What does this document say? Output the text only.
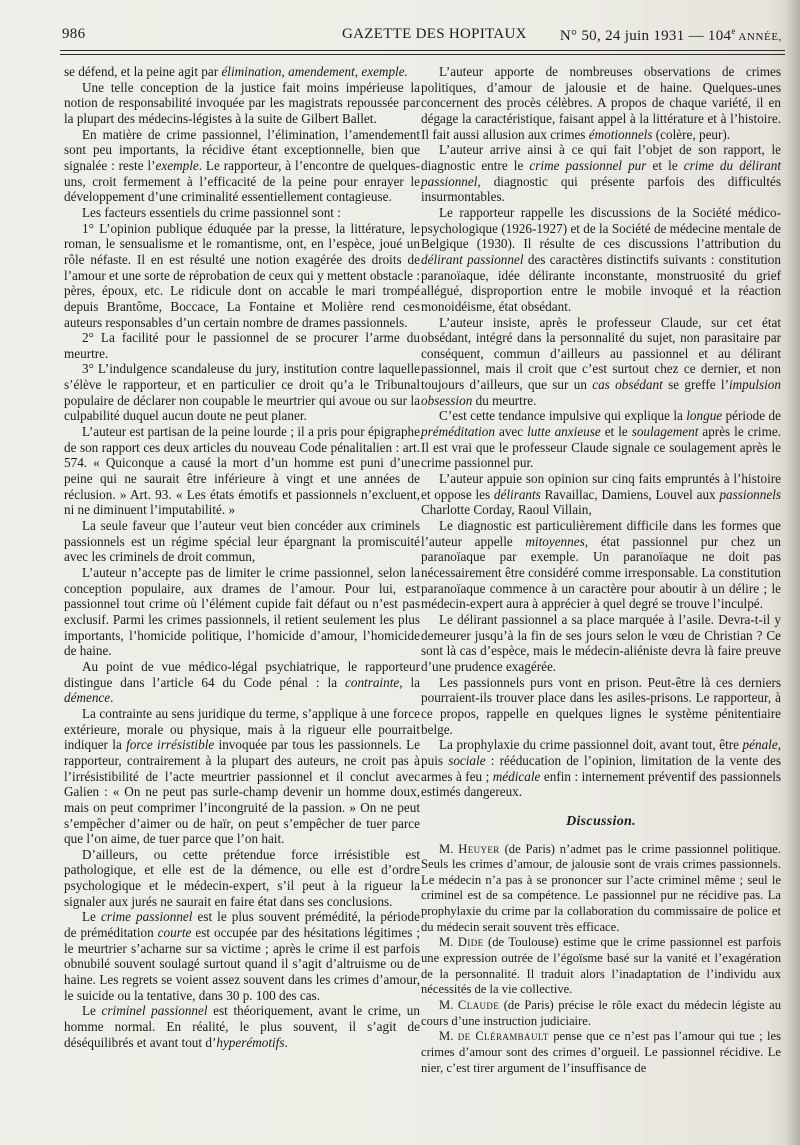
986	GAZETTE DES HOPITAUX N° 50, 24 juin 1931 — 104e ANNÉE,

se défend, et la peine agit par élimination, amendement, exemple.

Une telle conception de la justice fait moins impérieuse la notion de responsabilité invoquée par les magistrats repoussée par la plupart des médecins-légistes à la suite de Gilbert Ballet.

En matière de crime passionnel, l’élimination, l’amendement sont peu importants, la récidive étant exceptionnelle, bien que signalée : reste l’exemple. Le rapporteur, à l’encontre de quelques-uns, croit fermement à l’efficacité de la peine pour enrayer le développement d’une criminalité essentiellement contagieuse.

Les facteurs essentiels du crime passionnel sont :

1° L’opinion publique éduquée par la presse, la littérature, le roman, le sensualisme et le romantisme, ont, en l’espèce, joué un rôle néfaste. Il en est résulté une notion exagérée des droits de l’amour et une sorte de réprobation de ceux qui y mettent obstacle : pères, époux, etc. Le ridicule dont on accable le mari trompé depuis Brantôme, Boccace, La Fontaine et Molière rend ces auteurs responsables d’un certain nombre de drames passionnels.

2° La facilité pour le passionnel de se procurer l’arme du meurtre.

3° L’indulgence scandaleuse du jury, institution contre laquelle s’élève le rapporteur, et en particulier ce droit qu’a le Tribunal populaire de déclarer non coupable le meurtrier qui avoue ou sur la culpabilité duquel aucun doute ne peut planer.

L’auteur est partisan de la peine lourde ; il a pris pour épigraphe de son rapport ces deux articles du nouveau Code pénalitalien : art. 574. « Quiconque a causé la mort d’un homme est puni d’une peine qui ne saurait être inférieure à vingt et une années de réclusion. » Art. 93. « Les états émotifs et passionnels n’excluent, ni ne diminuent l’imputabilité. »

La seule faveur que l’auteur veut bien concéder aux criminels passionnels est un régime spécial leur épargnant la promiscuité avec les criminels de droit commun,

L’auteur n’accepte pas de limiter le crime passionnel, selon la conception populaire, aux drames de l’amour. Pour lui, est passionnel tout crime où l’élément cupide fait défaut ou n’est pas exclusif. Parmi les crimes passionnels, il retient seulement les plus importants, l’homicide politique, l’homicide d’amour, l’homicide de haine.

Au point de vue médico-légal psychiatrique, le rapporteur distingue dans l’article 64 du Code pénal : la contrainte, la démence.

La contrainte au sens juridique du terme, s’applique à une force extérieure, morale ou physique, mais à la rigueur elle pourrait indiquer la force irrésistible invoquée par tous les passionnels. Le rapporteur, contrairement à la plupart des auteurs, ne croit pas à l’irrésistibilité de l’acte meurtrier passionnel et il conclut avec Galien : « On ne peut pas surle-champ devenir un homme doux, mais on peut comprimer l’incongruité de la passion. » On ne peut s’empêcher d’aimer ou de haïr, on peut s’empêcher de tuer parce que l’on aime, de tuer parce que l’on hait.

D’ailleurs, ou cette prétendue force irrésistible est pathologique, et elle est de la démence, ou elle est d’ordre psychologique et le médecin-expert, s’il peut à la rigueur la signaler aux jurés ne saurait en faire état dans ses conclusions.

Le crime passionnel est le plus souvent prémédité, la période de préméditation courte est occupée par des hésitations légitimes ; le meurtrier s’acharne sur sa victime ; après le crime il est parfois obnubilé souvent soulagé surtout quand il s’agit d’altruisme ou de haine. Les regrets se voient assez souvent dans les crimes d’amour, le suicide ou la tentative, dans 30 p. 100 des cas.

Le criminel passionnel est théoriquement, avant le crime, un homme normal. En réalité, le plus souvent, il s’agit de déséquilibrés et avant tout d’hyperémotifs.

L’auteur apporte de nombreuses observations de crimes politiques, d’amour de jalousie et de haine. Quelques-unes concernent des procès célèbres. A propos de chaque variété, il en dégage la caractéristique, faisant appel à la littérature et à l’histoire. Il fait aussi allusion aux crimes émotionnels (colère, peur).

L’auteur arrive ainsi à ce qui fait l’objet de son rapport, le diagnostic entre le crime passionnel pur et le crime du délirant passionnel, diagnostic qui présente parfois des difficultés insurmontables.

Le rapporteur rappelle les discussions de la Société médico-psychologique (1926-1927) et de la Société de médecine mentale de Belgique (1930). Il résulte de ces discussions l’attribution du délirant passionnel des caractères distinctifs suivants : constitution paranoïaque, idée délirante inconstante, monstruosité du grief allégué, disproportion entre le mobile invoqué et la réaction monoidéisme, état obsédant.

L’auteur insiste, après le professeur Claude, sur cet état obsédant, intégré dans la personnalité du sujet, non parasitaire par conséquent, commun d’ailleurs au passionnel et au délirant passionnel, mais il croit que c’est surtout chez ce dernier, et non toujours d’ailleurs, que sur un cas obsédant se greffe l’impulsion obsession du meurtre.

C’est cette tendance impulsive qui explique la longue période de préméditation avec lutte anxieuse et le soulagement après le crime. Il est vrai que le professeur Claude signale ce soulagement après le crime passionnel pur.

L’auteur appuie son opinion sur cinq faits empruntés à l’histoire et oppose les délirants Ravaillac, Damiens, Louvel aux passionnels Charlotte Corday, Raoul Villain,

Le diagnostic est particulièrement difficile dans les formes que l’auteur appelle mitoyennes, état passionnel pur chez un paranoïaque par exemple. Un paranoïaque ne doit pas nécessairement être considéré comme irresponsable. La constitution paranoïaque commence à un caractère pour aboutir à un délire ; le médecin-expert aura à apprécier à quel degré se trouve l’inculpé.

Le délirant passionnel a sa place marquée à l’asile. Devra-t-il y demeurer jusqu’à la fin de ses jours selon le vœu de Christian ? Ce sont là cas d’espèce, mais le médecin-aliéniste devra là faire preuve d’une prudence exagérée.

Les passionnels purs vont en prison. Peut-être là ces derniers pourraient-ils trouver place dans les asiles-prisons. Le rapporteur, à ce propos, rappelle en quelques lignes le système pénitentiaire belge.

La prophylaxie du crime passionnel doit, avant tout, être pénale, puis sociale : rééducation de l’opinion, limitation de la vente des armes à feu ; médicale enfin : internement préventif des passionnels estimés dangereux.

Discussion.

M. Heuyer (de Paris) n’admet pas le crime passionnel politique. Seuls les crimes d’amour, de jalousie sont de vrais crimes passionnels. Le médecin n’a pas à se prononcer sur l’acte criminel même ; seul le criminel est de sa compétence. Le passionnel pur ne récidive pas. La prophylaxie du crime par la collaboration du commissaire de police et du médecin serait souvent très efficace.

M. Dide (de Toulouse) estime que le crime passionnel est parfois une expression outrée de l’égoïsme basé sur la vanité et l’exagération de la personnalité. Il traduit alors l’inadaptation de l’individu aux nécessités de la vie collective.

M. Claude (de Paris) précise le rôle exact du médecin légiste au cours d’une instruction judiciaire.

M. de Clérambault pense que ce n’est pas l’amour qui tue ; les crimes d’amour sont des crimes d’orgueil. Le passionnel récidive. Le nier, c’est tirer argument de l’insuffisance de
